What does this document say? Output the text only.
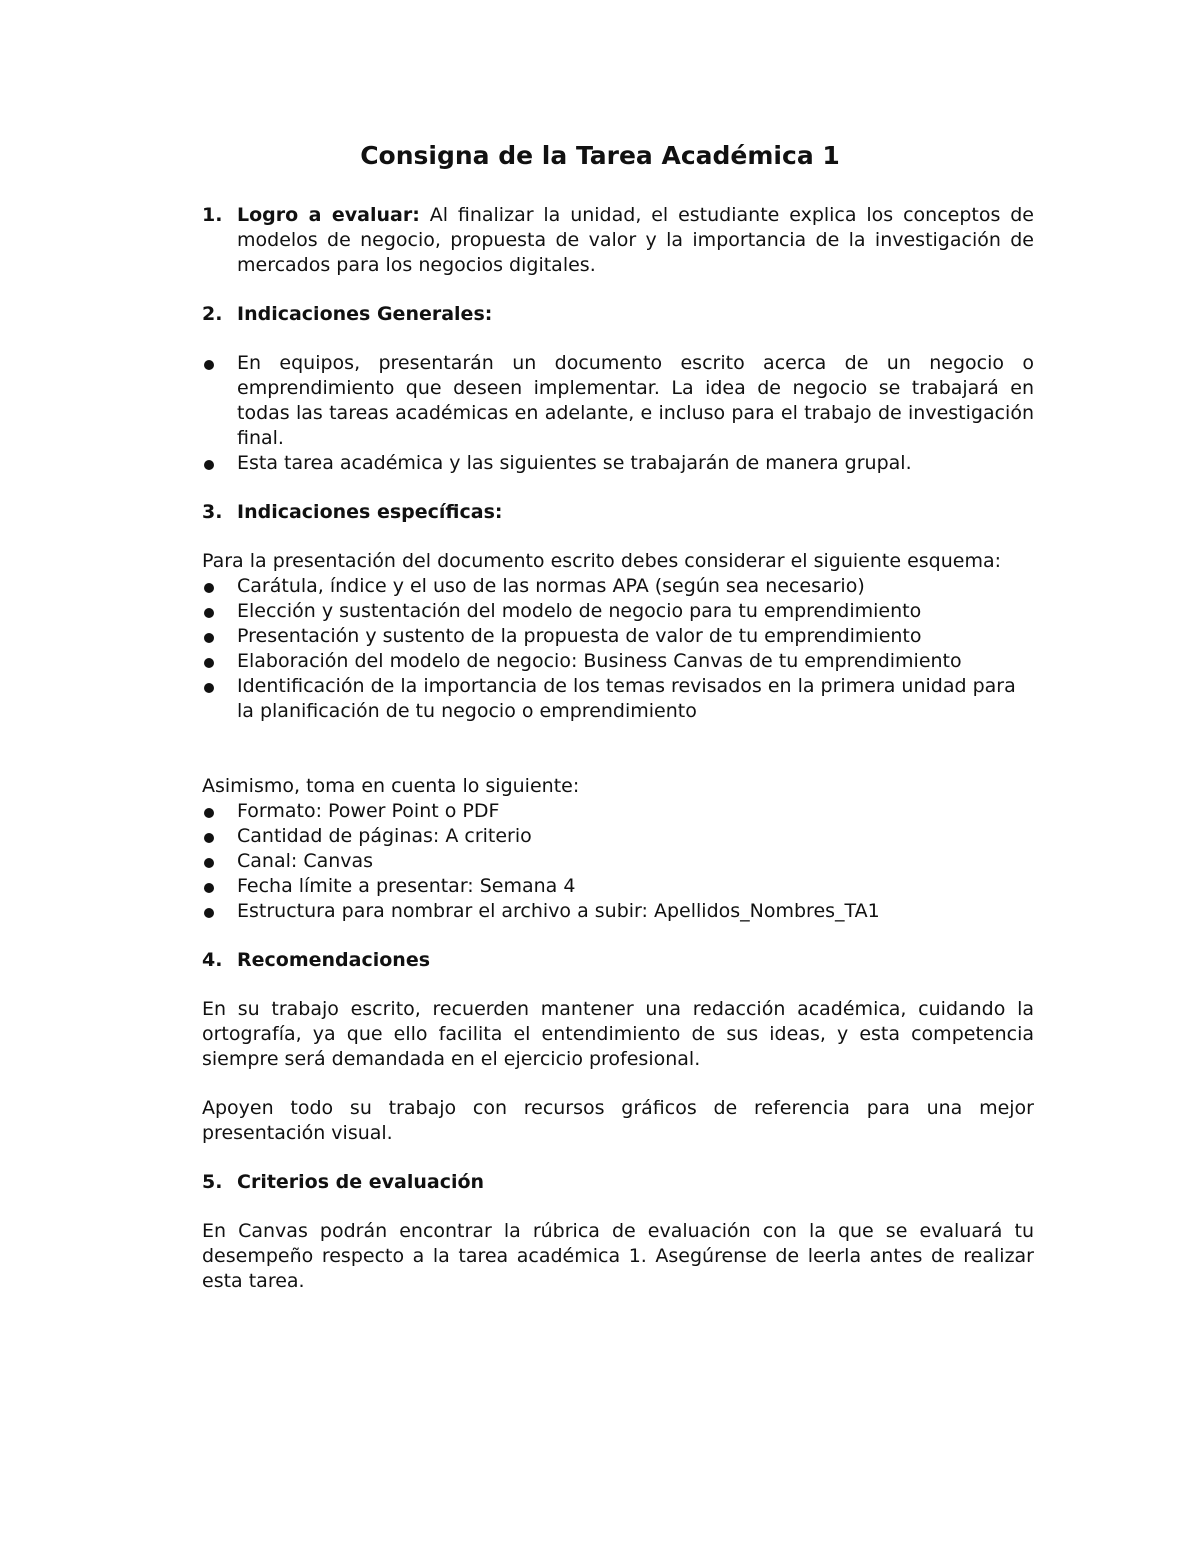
Consigna de la Tarea Académica 1
1. Logro a evaluar: Al finalizar la unidad, el estudiante explica los conceptos de modelos de negocio, propuesta de valor y la importancia de la investigación de mercados para los negocios digitales.
2. Indicaciones Generales:
En equipos, presentarán un documento escrito acerca de un negocio o emprendimiento que deseen implementar. La idea de negocio se trabajará en todas las tareas académicas en adelante, e incluso para el trabajo de investigación final.
Esta tarea académica y las siguientes se trabajarán de manera grupal.
3. Indicaciones específicas:
Para la presentación del documento escrito debes considerar el siguiente esquema:
Carátula, índice y el uso de las normas APA (según sea necesario)
Elección y sustentación del modelo de negocio para tu emprendimiento
Presentación y sustento de la propuesta de valor de tu emprendimiento
Elaboración del modelo de negocio: Business Canvas de tu emprendimiento
Identificación de la importancia de los temas revisados en la primera unidad para la planificación de tu negocio o emprendimiento
Asimismo, toma en cuenta lo siguiente:
Formato: Power Point o PDF
Cantidad de páginas: A criterio
Canal: Canvas
Fecha límite a presentar: Semana 4
Estructura para nombrar el archivo a subir: Apellidos_Nombres_TA1
4. Recomendaciones
En su trabajo escrito, recuerden mantener una redacción académica, cuidando la ortografía, ya que ello facilita el entendimiento de sus ideas, y esta competencia siempre será demandada en el ejercicio profesional.
Apoyen todo su trabajo con recursos gráficos de referencia para una mejor presentación visual.
5. Criterios de evaluación
En Canvas podrán encontrar la rúbrica de evaluación con la que se evaluará tu desempeño respecto a la tarea académica 1. Asegúrense de leerla antes de realizar esta tarea.
